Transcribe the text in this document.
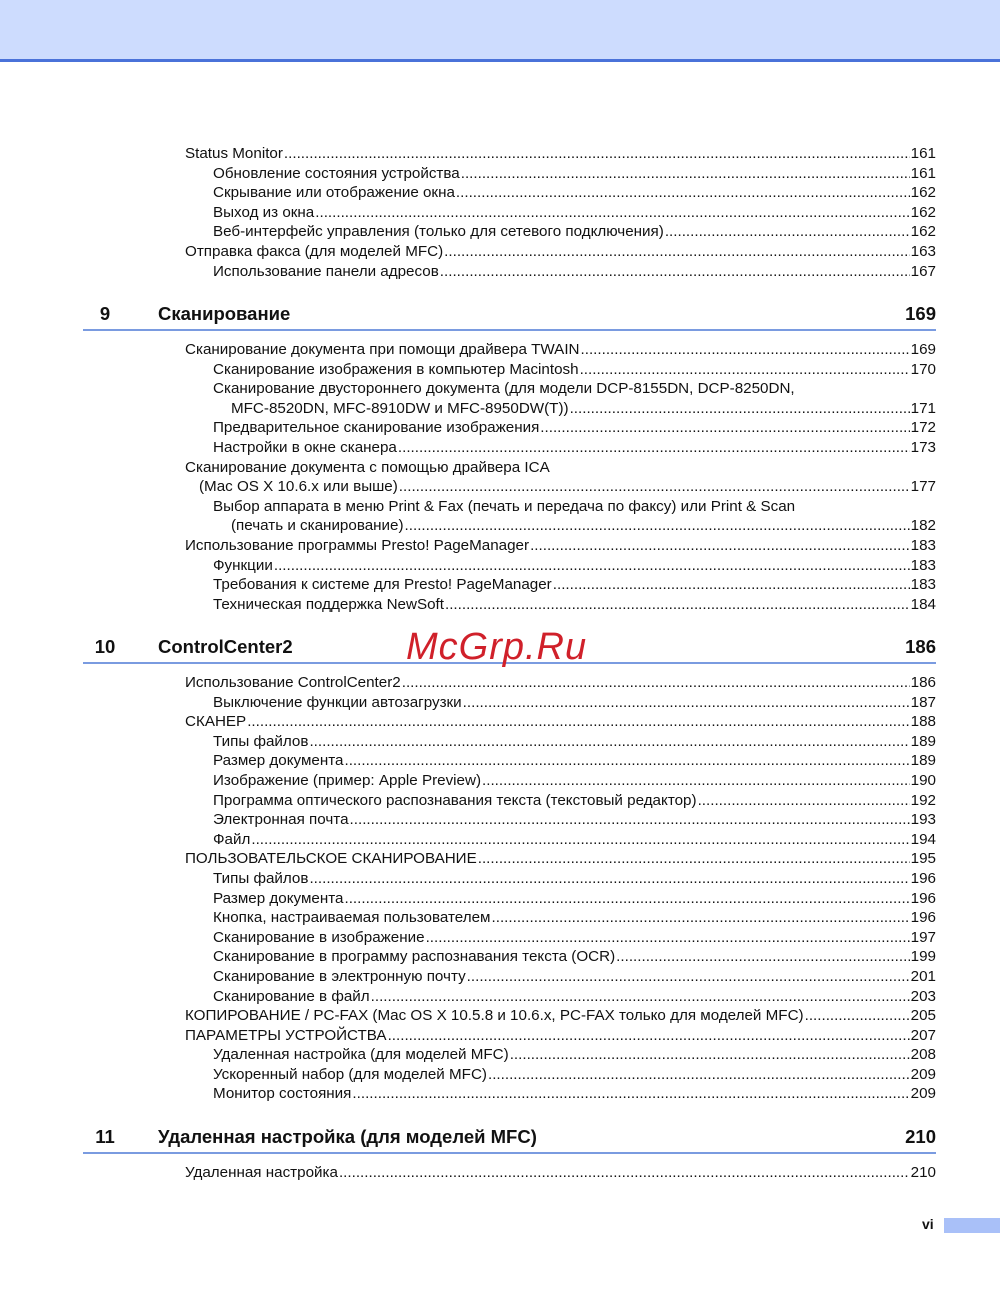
Status Monitor .....	161
Обновление состояния устройства .....	161
Скрывание или отображение окна .....	162
Выход из окна .....	162
Веб-интерфейс управления (только для сетевого подключения) .....	162
Отправка факса (для моделей MFC) .....	163
Использование панели адресов .....	167
9	Сканирование	169
Сканирование документа при помощи драйвера TWAIN .....	169
Сканирование изображения в компьютер Macintosh .....	170
Сканирование двустороннего документа (для модели DCP-8155DN, DCP-8250DN,
MFC-8520DN, MFC-8910DW и MFC-8950DW(T)) .....	171
Предварительное сканирование изображения .....	172
Настройки в окне сканера .....	173
Сканирование документа с помощью драйвера ICA
(Mac OS X 10.6.x или выше) .....	177
Выбор аппарата в меню Print & Fax (печать и передача по факсу) или Print & Scan
(печать и сканирование) .....	182
Использование программы Presto! PageManager .....	183
Функции .....	183
Требования к системе для Presto! PageManager .....	183
Техническая поддержка NewSoft .....	184
10	ControlCenter2	186
Использование ControlCenter2 .....	186
Выключение функции автозагрузки .....	187
СКАНЕР .....	188
Типы файлов .....	189
Размер документа .....	189
Изображение (пример: Apple Preview) .....	190
Программа оптического распознавания текста (текстовый редактор) .....	192
Электронная почта .....	193
Файл .....	194
ПОЛЬЗОВАТЕЛЬСКОЕ СКАНИРОВАНИЕ .....	195
Типы файлов .....	196
Размер документа .....	196
Кнопка, настраиваемая пользователем .....	196
Сканирование в изображение .....	197
Сканирование в программу распознавания текста (OCR) .....	199
Сканирование в электронную почту .....	201
Сканирование в файл .....	203
КОПИРОВАНИЕ / PC-FAX (Mac OS X 10.5.8 и 10.6.x, PC-FAX только для моделей MFC) .....	205
ПАРАМЕТРЫ УСТРОЙСТВА .....	207
Удаленная настройка (для моделей MFC) .....	208
Ускоренный набор (для моделей MFC) .....	209
Монитор состояния .....	209
11	Удаленная настройка (для моделей MFC)	210
Удаленная настройка .....	210
McGrp.Ru
vi
